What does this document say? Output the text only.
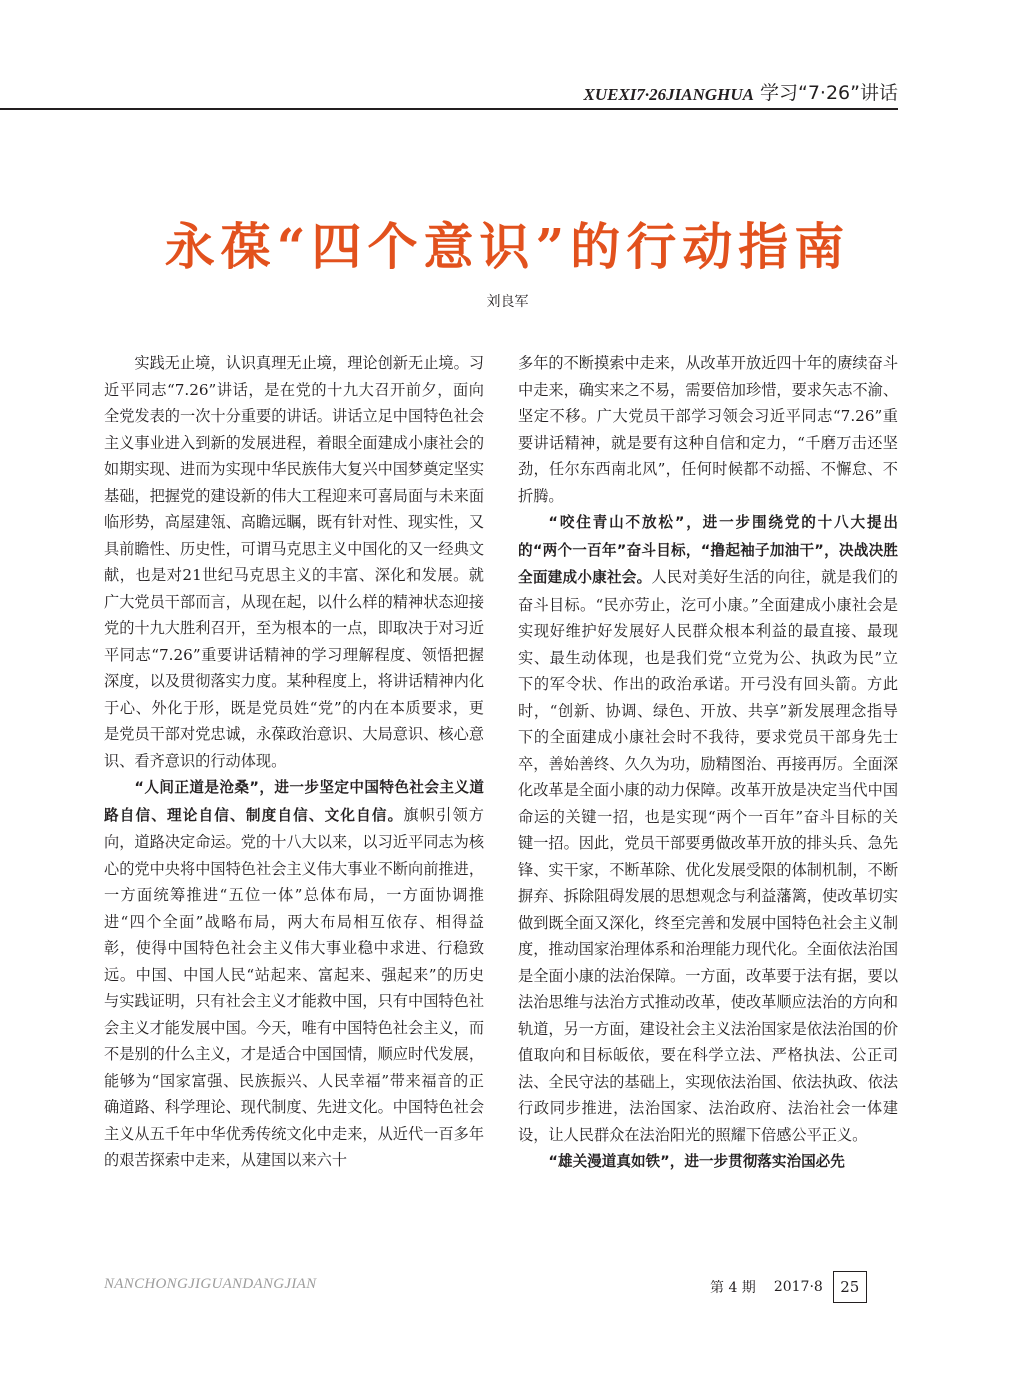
XUEXI7·26JIANGHUA 学习“7·26”讲话
永葆“四个意识”的行动指南
刘良军

实践无止境，认识真理无止境，理论创新无止境。习近平同志“7.26”讲话，是在党的十九大召开前夕，面向全党发表的一次十分重要的讲话。讲话立足中国特色社会主义事业进入到新的发展进程，着眼全面建成小康社会的如期实现、进而为实现中华民族伟大复兴中国梦奠定坚实基础，把握党的建设新的伟大工程迎来可喜局面与未来面临形势，高屋建瓴、高瞻远瞩，既有针对性、现实性，又具前瞻性、历史性，可谓马克思主义中国化的又一经典文献，也是对21世纪马克思主义的丰富、深化和发展。就广大党员干部而言，从现在起，以什么样的精神状态迎接党的十九大胜利召开，至为根本的一点，即取决于对习近平同志“7.26”重要讲话精神的学习理解程度、领悟把握深度，以及贯彻落实力度。某种程度上，将讲话精神内化于心、外化于形，既是党员姓“党”的内在本质要求，更是党员干部对党忠诚，永葆政治意识、大局意识、核心意识、看齐意识的行动体现。

“人间正道是沧桑”，进一步坚定中国特色社会主义道路自信、理论自信、制度自信、文化自信。旗帜引领方向，道路决定命运。党的十八大以来，以习近平同志为核心的党中央将中国特色社会主义伟大事业不断向前推进，一方面统筹推进“五位一体”总体布局，一方面协调推进“四个全面”战略布局，两大布局相互依存、相得益彰，使得中国特色社会主义伟大事业稳中求进、行稳致远。中国、中国人民“站起来、富起来、强起来”的历史与实践证明，只有社会主义才能救中国，只有中国特色社会主义才能发展中国。今天，唯有中国特色社会主义，而不是别的什么主义，才是适合中国国情，顺应时代发展，能够为“国家富强、民族振兴、人民幸福”带来福音的正确道路、科学理论、现代制度、先进文化。中国特色社会主义从五千年中华优秀传统文化中走来，从近代一百多年的艰苦探索中走来，从建国以来六十

多年的不断摸索中走来，从改革开放近四十年的赓续奋斗中走来，确实来之不易，需要倍加珍惜，要求矢志不渝、坚定不移。广大党员干部学习领会习近平同志“7.26”重要讲话精神，就是要有这种自信和定力，“千磨万击还坚劲，任尔东西南北风”，任何时候都不动摇、不懈怠、不折腾。

“咬住青山不放松”，进一步围绕党的十八大提出的“两个一百年”奋斗目标，“撸起袖子加油干”，决战决胜全面建成小康社会。人民对美好生活的向往，就是我们的奋斗目标。“民亦劳止，汔可小康。”全面建成小康社会是实现好维护好发展好人民群众根本利益的最直接、最现实、最生动体现，也是我们党“立党为公、执政为民”立下的军令状、作出的政治承诺。开弓没有回头箭。方此时，“创新、协调、绿色、开放、共享”新发展理念指导下的全面建成小康社会时不我待，要求党员干部身先士卒，善始善终、久久为功，励精图治、再接再厉。全面深化改革是全面小康的动力保障。改革开放是决定当代中国命运的关键一招，也是实现“两个一百年”奋斗目标的关键一招。因此，党员干部要勇做改革开放的排头兵、急先锋、实干家，不断革除、优化发展受限的体制机制，不断摒弃、拆除阻碍发展的思想观念与利益藩篱，使改革切实做到既全面又深化，终至完善和发展中国特色社会主义制度，推动国家治理体系和治理能力现代化。全面依法治国是全面小康的法治保障。一方面，改革要于法有据，要以法治思维与法治方式推动改革，使改革顺应法治的方向和轨道，另一方面，建设社会主义法治国家是依法治国的价值取向和目标皈依，要在科学立法、严格执法、公正司法、全民守法的基础上，实现依法治国、依法执政、依法行政同步推进，法治国家、法治政府、法治社会一体建设，让人民群众在法治阳光的照耀下倍感公平正义。

“雄关漫道真如铁”，进一步贯彻落实治国必先

NANCHONGJIGUANDANGJIAN	第 4 期 2017·8	25
